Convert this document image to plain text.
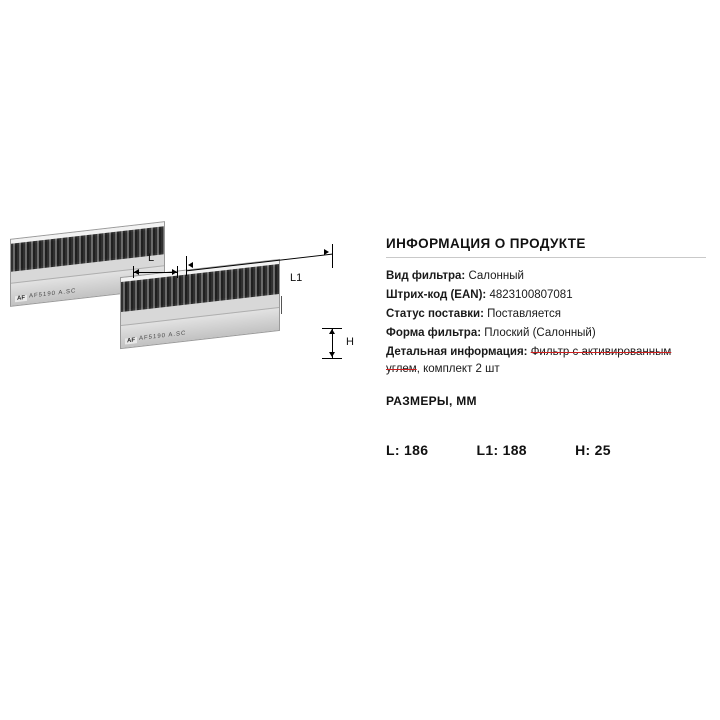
AF AF5190 A.SC
AF AF5190 A.SC
L
L1
H
ИНФОРМАЦИЯ О ПРОДУКТЕ

Вид фильтра: Салонный

Штрих-код (EAN): 4823100807081

Статус поставки: Поставляется

Форма фильтра: Плоский (Салонный)

Детальная информация: Фильтр с активированным углем, комплект 2 шт

РАЗМЕРЫ, ММ

L: 186	L1: 188	H: 25
